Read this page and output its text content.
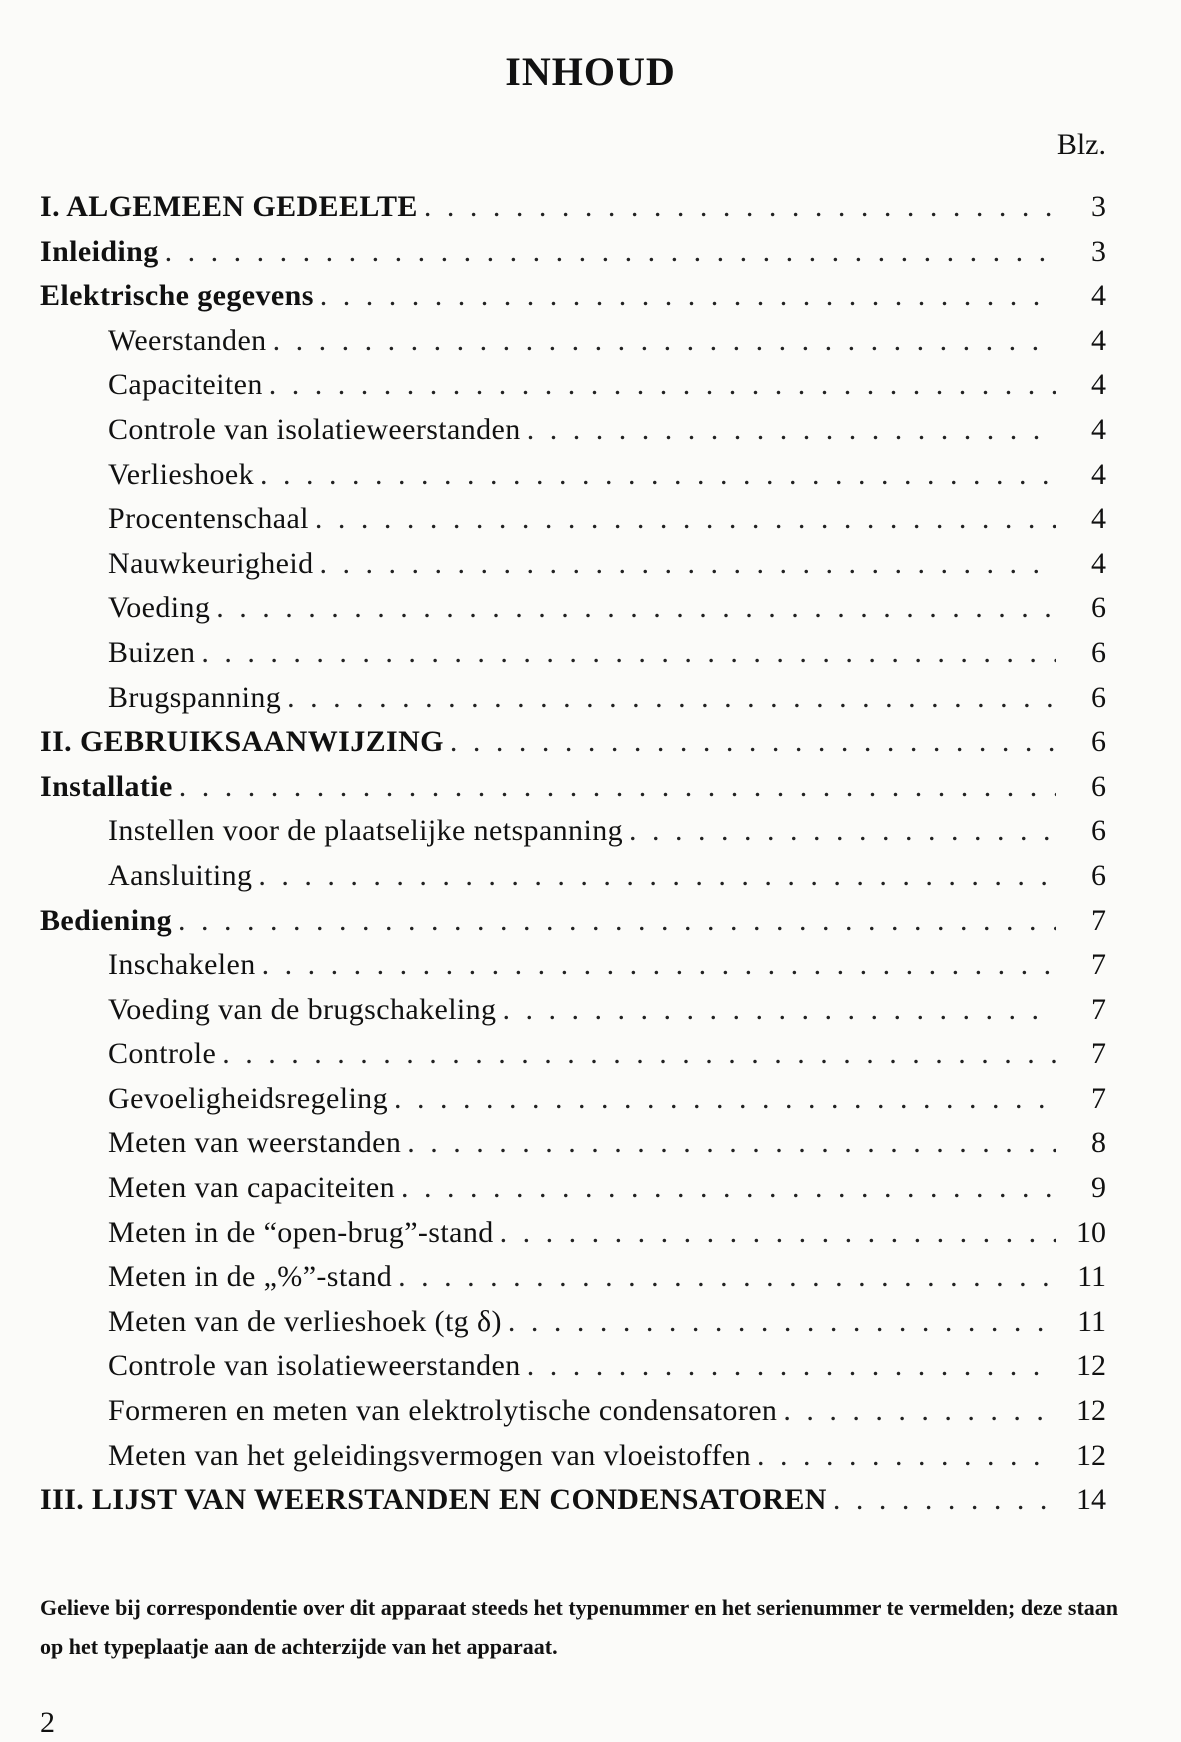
INHOUD
Blz.
I. ALGEMEEN GEDEELTE . . .	3
Inleiding . . .	3
Elektrische gegevens . . .	4
Weerstanden . . .	4
Capaciteiten . . .	4
Controle van isolatieweerstanden . . .	4
Verlieshoek . . .	4
Procentenschaal . . .	4
Nauwkeurigheid . . .	4
Voeding . . .	6
Buizen . . .	6
Brugspanning . . .	6
II. GEBRUIKSAANWIJZING . . .	6
Installatie . . .	6
Instellen voor de plaatselijke netspanning . . .	6
Aansluiting . . .	6
Bediening . . .	7
Inschakelen . . .	7
Voeding van de brugschakeling . . .	7
Controle . . .	7
Gevoeligheidsregeling . . .	7
Meten van weerstanden . . .	8
Meten van capaciteiten . . .	9
Meten in de “open-brug”-stand . . .	10
Meten in de „%”-stand . . .	11
Meten van de verlieshoek (tg δ) . . .	11
Controle van isolatieweerstanden . . .	12
Formeren en meten van elektrolytische condensatoren . . .	12
Meten van het geleidingsvermogen van vloeistoffen . . .	12
III. LIJST VAN WEERSTANDEN EN CONDENSATOREN . . .	14
Gelieve bij correspondentie over dit apparaat steeds het typenummer en het serienummer te vermelden; deze staan op het typeplaatje aan de achterzijde van het apparaat.
2
